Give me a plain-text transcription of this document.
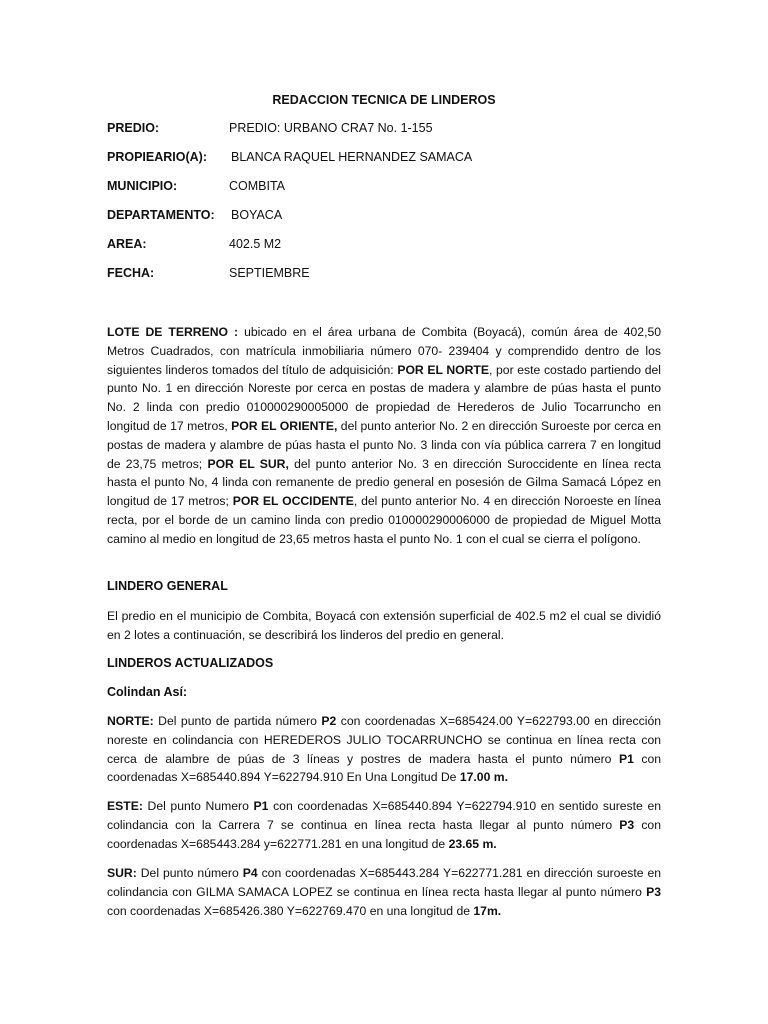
REDACCION TECNICA DE LINDEROS
PREDIO:	PREDIO: URBANO CRA7 No. 1-155
PROPIEARIO(A): BLANCA RAQUEL HERNANDEZ SAMACA
MUNICIPIO:	COMBITA
DEPARTAMENTO: BOYACA
AREA:	402.5 M2
FECHA:	SEPTIEMBRE

LOTE DE TERRENO : ubicado en el área urbana de Combita (Boyacá), común área de 402,50 Metros Cuadrados, con matrícula inmobiliaria número 070- 239404 y comprendido dentro de los siguientes linderos tomados del título de adquisición: POR EL NORTE, por este costado partiendo del punto No. 1 en dirección Noreste por cerca en postas de madera y alambre de púas hasta el punto No. 2 linda con predio 010000290005000 de propiedad de Herederos de Julio Tocarruncho en longitud de 17 metros, POR EL ORIENTE, del punto anterior No. 2 en dirección Suroeste por cerca en postas de madera y alambre de púas hasta el punto No. 3 linda con vía pública carrera 7 en longitud de 23,75 metros; POR EL SUR, del punto anterior No. 3 en dirección Suroccidente en línea recta hasta el punto No, 4 linda con remanente de predio general en posesión de Gilma Samacá López en longitud de 17 metros; POR EL OCCIDENTE, del punto anterior No. 4 en dirección Noroeste en línea recta, por el borde de un camino linda con predio 010000290006000 de propiedad de Miguel Motta camino al medio en longitud de 23,65 metros hasta el punto No. 1 con el cual se cierra el polígono.

LINDERO GENERAL

El predio en el municipio de Combita, Boyacá con extensión superficial de 402.5 m2 el cual se dividió en 2 lotes a continuación, se describirá los linderos del predio en general.

LINDEROS ACTUALIZADOS
Colindan Así:

NORTE: Del punto de partida número P2 con coordenadas X=685424.00 Y=622793.00 en dirección noreste en colindancia con HEREDEROS JULIO TOCARRUNCHO se continua en línea recta con cerca de alambre de púas de 3 líneas y postres de madera hasta el punto número P1 con coordenadas X=685440.894 Y=622794.910 En Una Longitud De 17.00 m.

ESTE: Del punto Numero P1 con coordenadas X=685440.894 Y=622794.910 en sentido sureste en colindancia con la Carrera 7 se continua en línea recta hasta llegar al punto número P3 con coordenadas X=685443.284 y=622771.281 en una longitud de 23.65 m.

SUR: Del punto número P4 con coordenadas X=685443.284 Y=622771.281 en dirección suroeste en colindancia con GILMA SAMACA LOPEZ se continua en línea recta hasta llegar al punto número P3 con coordenadas X=685426.380 Y=622769.470 en una longitud de 17m.
